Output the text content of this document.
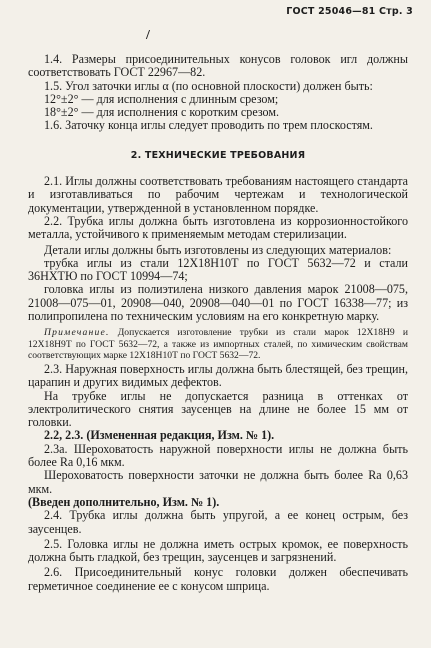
ГОСТ 25046—81 Стр. 3
/

1.4. Размеры присоединительных конусов головок игл должны соответствовать ГОСТ 22967—82.

1.5. Угол заточки иглы α (по основной плоскости) должен быть:

12°±2° — для исполнения с длинным срезом;

18°±2° — для исполнения с коротким срезом.

1.6. Заточку конца иглы следует проводить по трем плоскостям.

2. ТЕХНИЧЕСКИЕ ТРЕБОВАНИЯ

2.1. Иглы должны соответствовать требованиям настоящего стандарта и изготавливаться по рабочим чертежам и технологической документации, утвержденной в установленном порядке.

2.2. Трубка иглы должна быть изготовлена из коррозионностойкого металла, устойчивого к применяемым методам стерилизации.

Детали иглы должны быть изготовлены из следующих материалов:

трубка иглы из стали 12Х18Н10Т по ГОСТ 5632—72 и стали 36НХТЮ по ГОСТ 10994—74;

головка иглы из полиэтилена низкого давления марок 21008—075, 21008—075—01, 20908—040, 20908—040—01 по ГОСТ 16338—77; из полипропилена по техническим условиям на его конкретную марку.

Примечание. Допускается изготовление трубки из стали марок 12Х18Н9 и 12Х18Н9Т по ГОСТ 5632—72, а также из импортных сталей, по химическим свойствам соответствующих марке 12Х18Н10Т по ГОСТ 5632—72.

2.3. Наружная поверхность иглы должна быть блестящей, без трещин, царапин и других видимых дефектов.

На трубке иглы не допускается разница в оттенках от электролитического снятия заусенцев на длине не более 15 мм от головки.

2.2, 2.3. (Измененная редакция, Изм. № 1).

2.3а. Шероховатость наружной поверхности иглы не должна быть более Ra 0,16 мкм.

Шероховатость поверхности заточки не должна быть более Ra 0,63 мкм.

(Введен дополнительно, Изм. № 1).

2.4. Трубка иглы должна быть упругой, а ее конец острым, без заусенцев.

2.5. Головка иглы не должна иметь острых кромок, ее поверхность должна быть гладкой, без трещин, заусенцев и загрязнений.

2.6. Присоединительный конус головки должен обеспечивать герметичное соединение ее с конусом шприца.
